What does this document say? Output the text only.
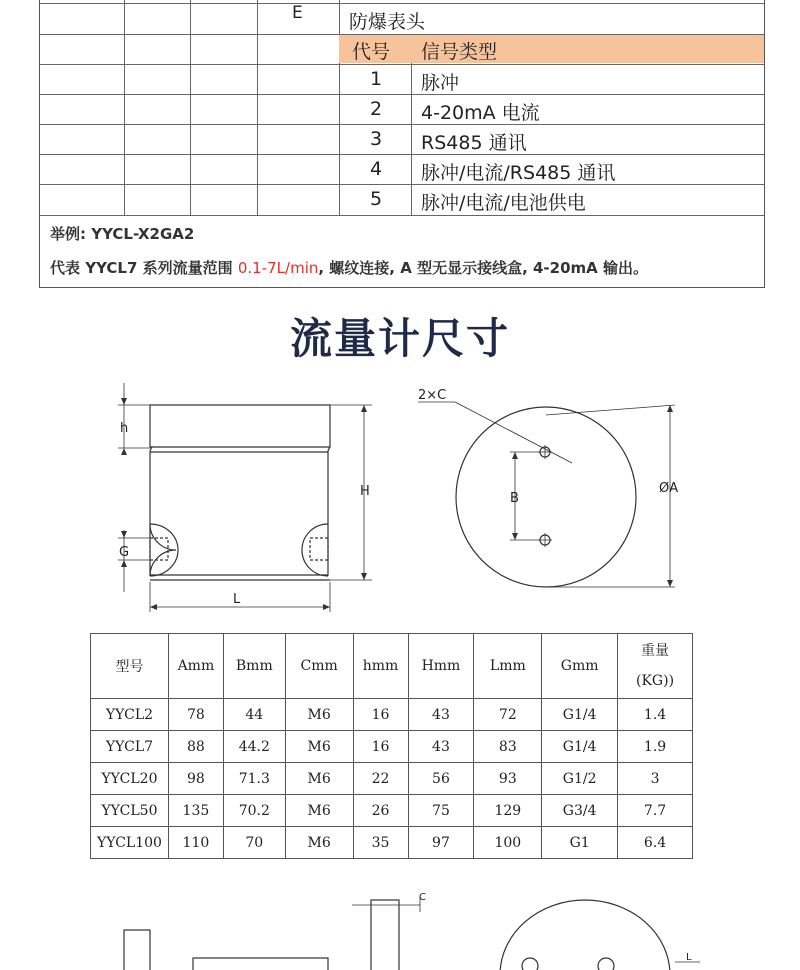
E 防爆表头
代号 信号类型
1 脉冲
2 4-20mA 电流
3 RS485 通讯
4 脉冲/电流/RS485 通讯
5 脉冲/电流/电池供电
举例: YYCL-X2GA2
代表 YYCL7 系列流量范围 0.1-7L/min, 螺纹连接, A 型无显示接线盒, 4-20mA 输出。
流量计尺寸
h
G
H
L
2×C
B
ØA
C
L
型号	Amm	Bmm	Cmm	hmm	Hmm	Lmm	Gmm	重量
(KG))

YYCL2	78	44	M6	16	43	72	G1/4	1.4
YYCL7	88	44.2	M6	16	43	83	G1/4	1.9
YYCL20	98	71.3	M6	22	56	93	G1/2	3
YYCL50	135	70.2	M6	26	75	129	G3/4	7.7
YYCL100	110	70	M6	35	97	100	G1	6.4
